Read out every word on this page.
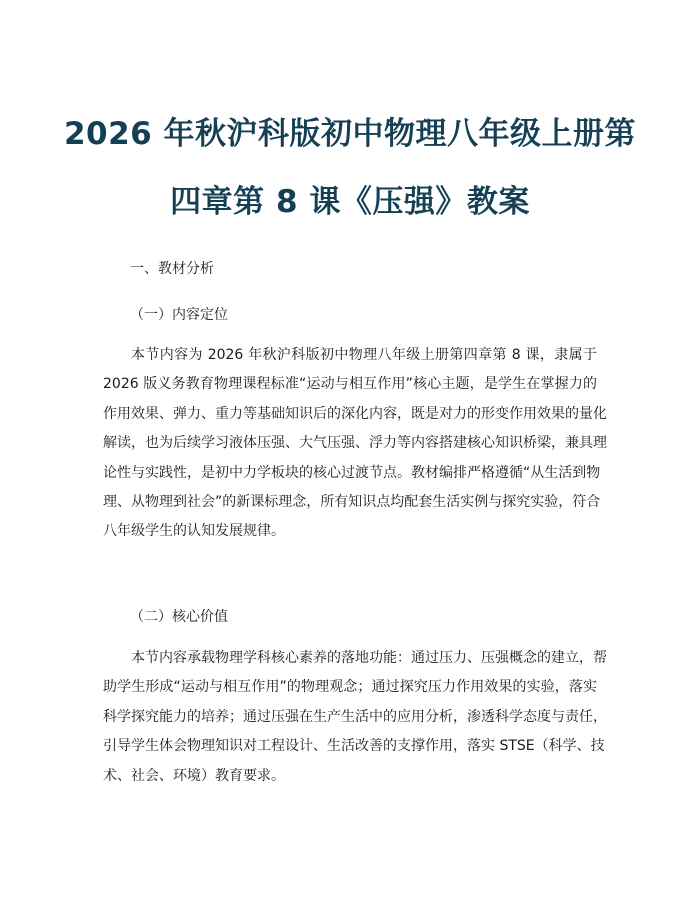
2026 年秋沪科版初中物理八年级上册第
四章第 8 课《压强》教案
一、教材分析
（一）内容定位
本节内容为 2026 年秋沪科版初中物理八年级上册第四章第 8 课，隶属于
2026 版义务教育物理课程标准“运动与相互作用”核心主题，是学生在掌握力的
作用效果、弹力、重力等基础知识后的深化内容，既是对力的形变作用效果的量化
解读，也为后续学习液体压强、大气压强、浮力等内容搭建核心知识桥梁，兼具理
论性与实践性，是初中力学板块的核心过渡节点。教材编排严格遵循“从生活到物
理、从物理到社会”的新课标理念，所有知识点均配套生活实例与探究实验，符合
八年级学生的认知发展规律。
（二）核心价值
本节内容承载物理学科核心素养的落地功能：通过压力、压强概念的建立，帮
助学生形成“运动与相互作用”的物理观念；通过探究压力作用效果的实验，落实
科学探究能力的培养；通过压强在生产生活中的应用分析，渗透科学态度与责任，
引导学生体会物理知识对工程设计、生活改善的支撑作用，落实 STSE（科学、技
术、社会、环境）教育要求。
